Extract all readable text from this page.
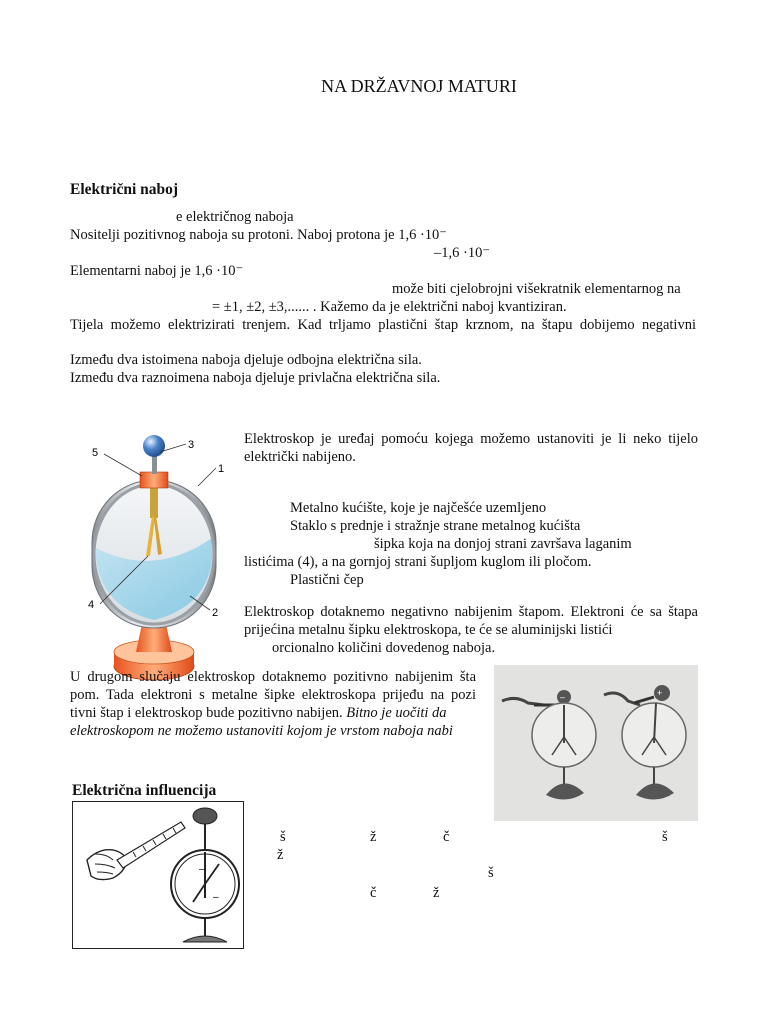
NA DRŽAVNOJ MATURI
Električni naboj
e električnog naboja
Nositelji pozitivnog naboja su protoni. Naboj protona je 1,6 ·10⁻
–1,6 ·10⁻
Elementarni naboj je 1,6 ·10⁻
može biti cjelobrojni višekratnik elementarnog na
= ±1, ±2, ±3,...... . Kažemo da je električni naboj kvantiziran.
Tijela možemo elektrizirati trenjem. Kad trljamo plastični štap krznom, na štapu dobijemo negativni
Između dva istoimena naboja djeluje odbojna električna sila.
Između dva raznoimena naboja djeluje privlačna električna sila.
5
3
1
4
2
Elektroskop je uređaj pomoću kojega možemo ustanoviti je li neko tijelo
električki nabijeno.
Metalno kućište, koje je najčešće uzemljeno
Staklo s prednje i stražnje strane metalnog kućišta
šipka koja na donjoj strani završava laganim
listićima (4), a na gornjoj strani šupljom kuglom ili pločom.
Plastični čep
Elektroskop dotaknemo negativno nabijenim štapom. Elektroni će sa štapa
prijećina metalnu šipku elektroskopa, te će se aluminijski listići
orcionalno količini dovedenog naboja.
U drugom slučaju elektroskop dotaknemo pozitivno nabijenim šta
pom. Tada elektroni s metalne šipke elektroskopa prijeđu na pozi
tivni štap i elektroskop bude pozitivno nabijen. Bitno je uočiti da
elektroskopom ne možemo ustanoviti kojom je vrstom naboja nabi
–	+
Električna influencija
–
–
š	ž	č	š
ž
š
č	ž
